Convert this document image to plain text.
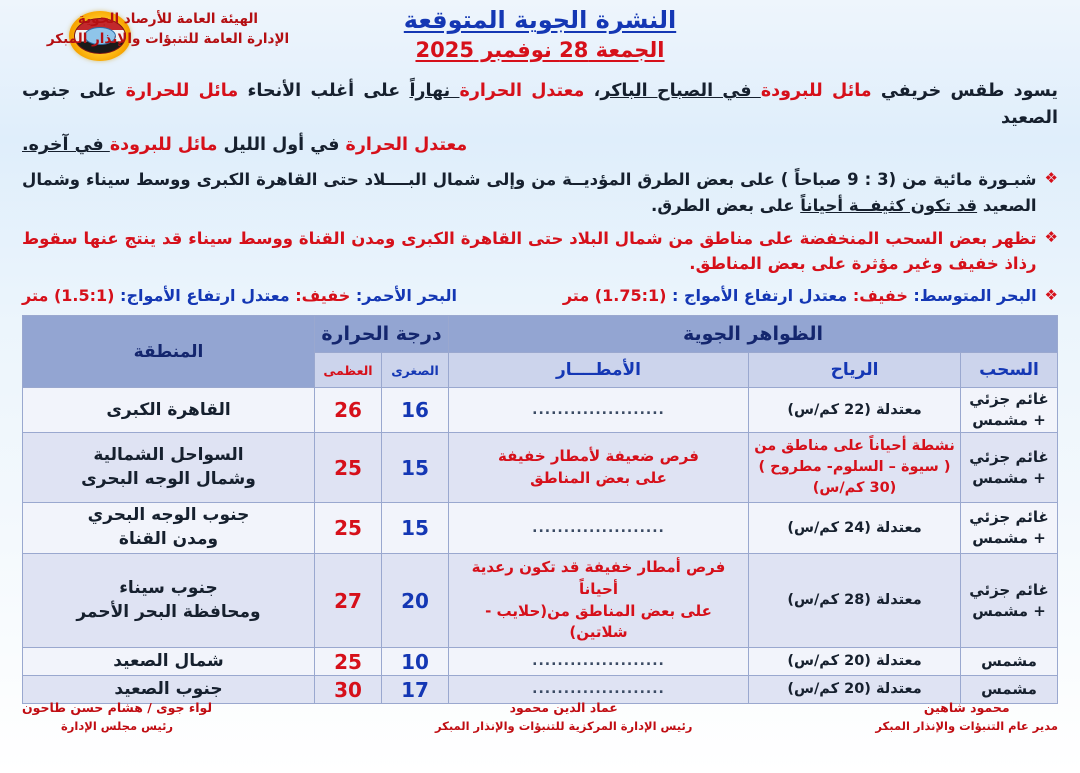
النشرة الجوية المتوقعة
الجمعة 28 نوفمبر 2025
الهيئة العامة للأرصاد الجوية
الإدارة العامة للتنبؤات والإنذار المبكر
يسود طقس خريفي مائل للبرودة في الصباح الباكر، معتدل الحرارة نهاراً على أغلب الأنحاء مائل للحرارة على جنوب الصعيد
معتدل الحرارة في أول الليل مائل للبرودة في آخره.
❖
شبـورة مائية من (3 : 9 صباحاً ) على بعض الطرق المؤديــة من وإلى شمال البــــلاد حتى القاهرة الكبرى ووسط سيناء وشمال الصعيد قد تكون كثيفــة أحياناً على بعض الطرق.
❖
تظهر بعض السحب المنخفضة على مناطق من شمال البلاد حتى القاهرة الكبرى ومدن القناة ووسط سيناء قد ينتج عنها سقوط رذاذ خفيف وغير مؤثرة على بعض المناطق.
❖
البحر المتوسط: خفيف: معتدل ارتفاع الأمواج : (1.75:1) متر
البحر الأحمر: خفيف: معتدل ارتفاع الأمواج: (1.5:1) متر
الظواهر الجوية			درجة الحرارة		المنطقة
السحب	الرياح	الأمطــــار	الصغرى	العظمى	
غائم جزئي
+ مشمس	معتدلة (22 كم/س)	.....................	16	26	القاهرة الكبرى
غائم جزئي
+ مشمس	نشطة أحياناً على مناطق من
( سيوة – السلوم- مطروح )
(30 كم/س)	فرص ضعيفة لأمطار خفيفة
على بعض المناطق	15	25	السواحل الشمالية
وشمال الوجه البحرى
غائم جزئي
+ مشمس	معتدلة (24 كم/س)	.....................	15	25	جنوب الوجه البحري
ومدن القناة
غائم جزئي
+ مشمس	معتدلة (28 كم/س)	فرص أمطار خفيفة قد تكون رعدية أحياناً
على بعض المناطق من(حلايب - شلاتين)	20	27	جنوب سيناء
ومحافظة البحر الأحمر
مشمس	معتدلة (20 كم/س)	.....................	10	25	شمال الصعيد
مشمس	معتدلة (20 كم/س)	.....................	17	30	جنوب الصعيد
محمود شاهين
مدير عام التنبؤات والإنذار المبكر
عماد الدين محمود
رئيس الإدارة المركزية للتنبؤات والإنذار المبكر
لواء جوى / هشام حسن طاحون
رئيس مجلس الإدارة
